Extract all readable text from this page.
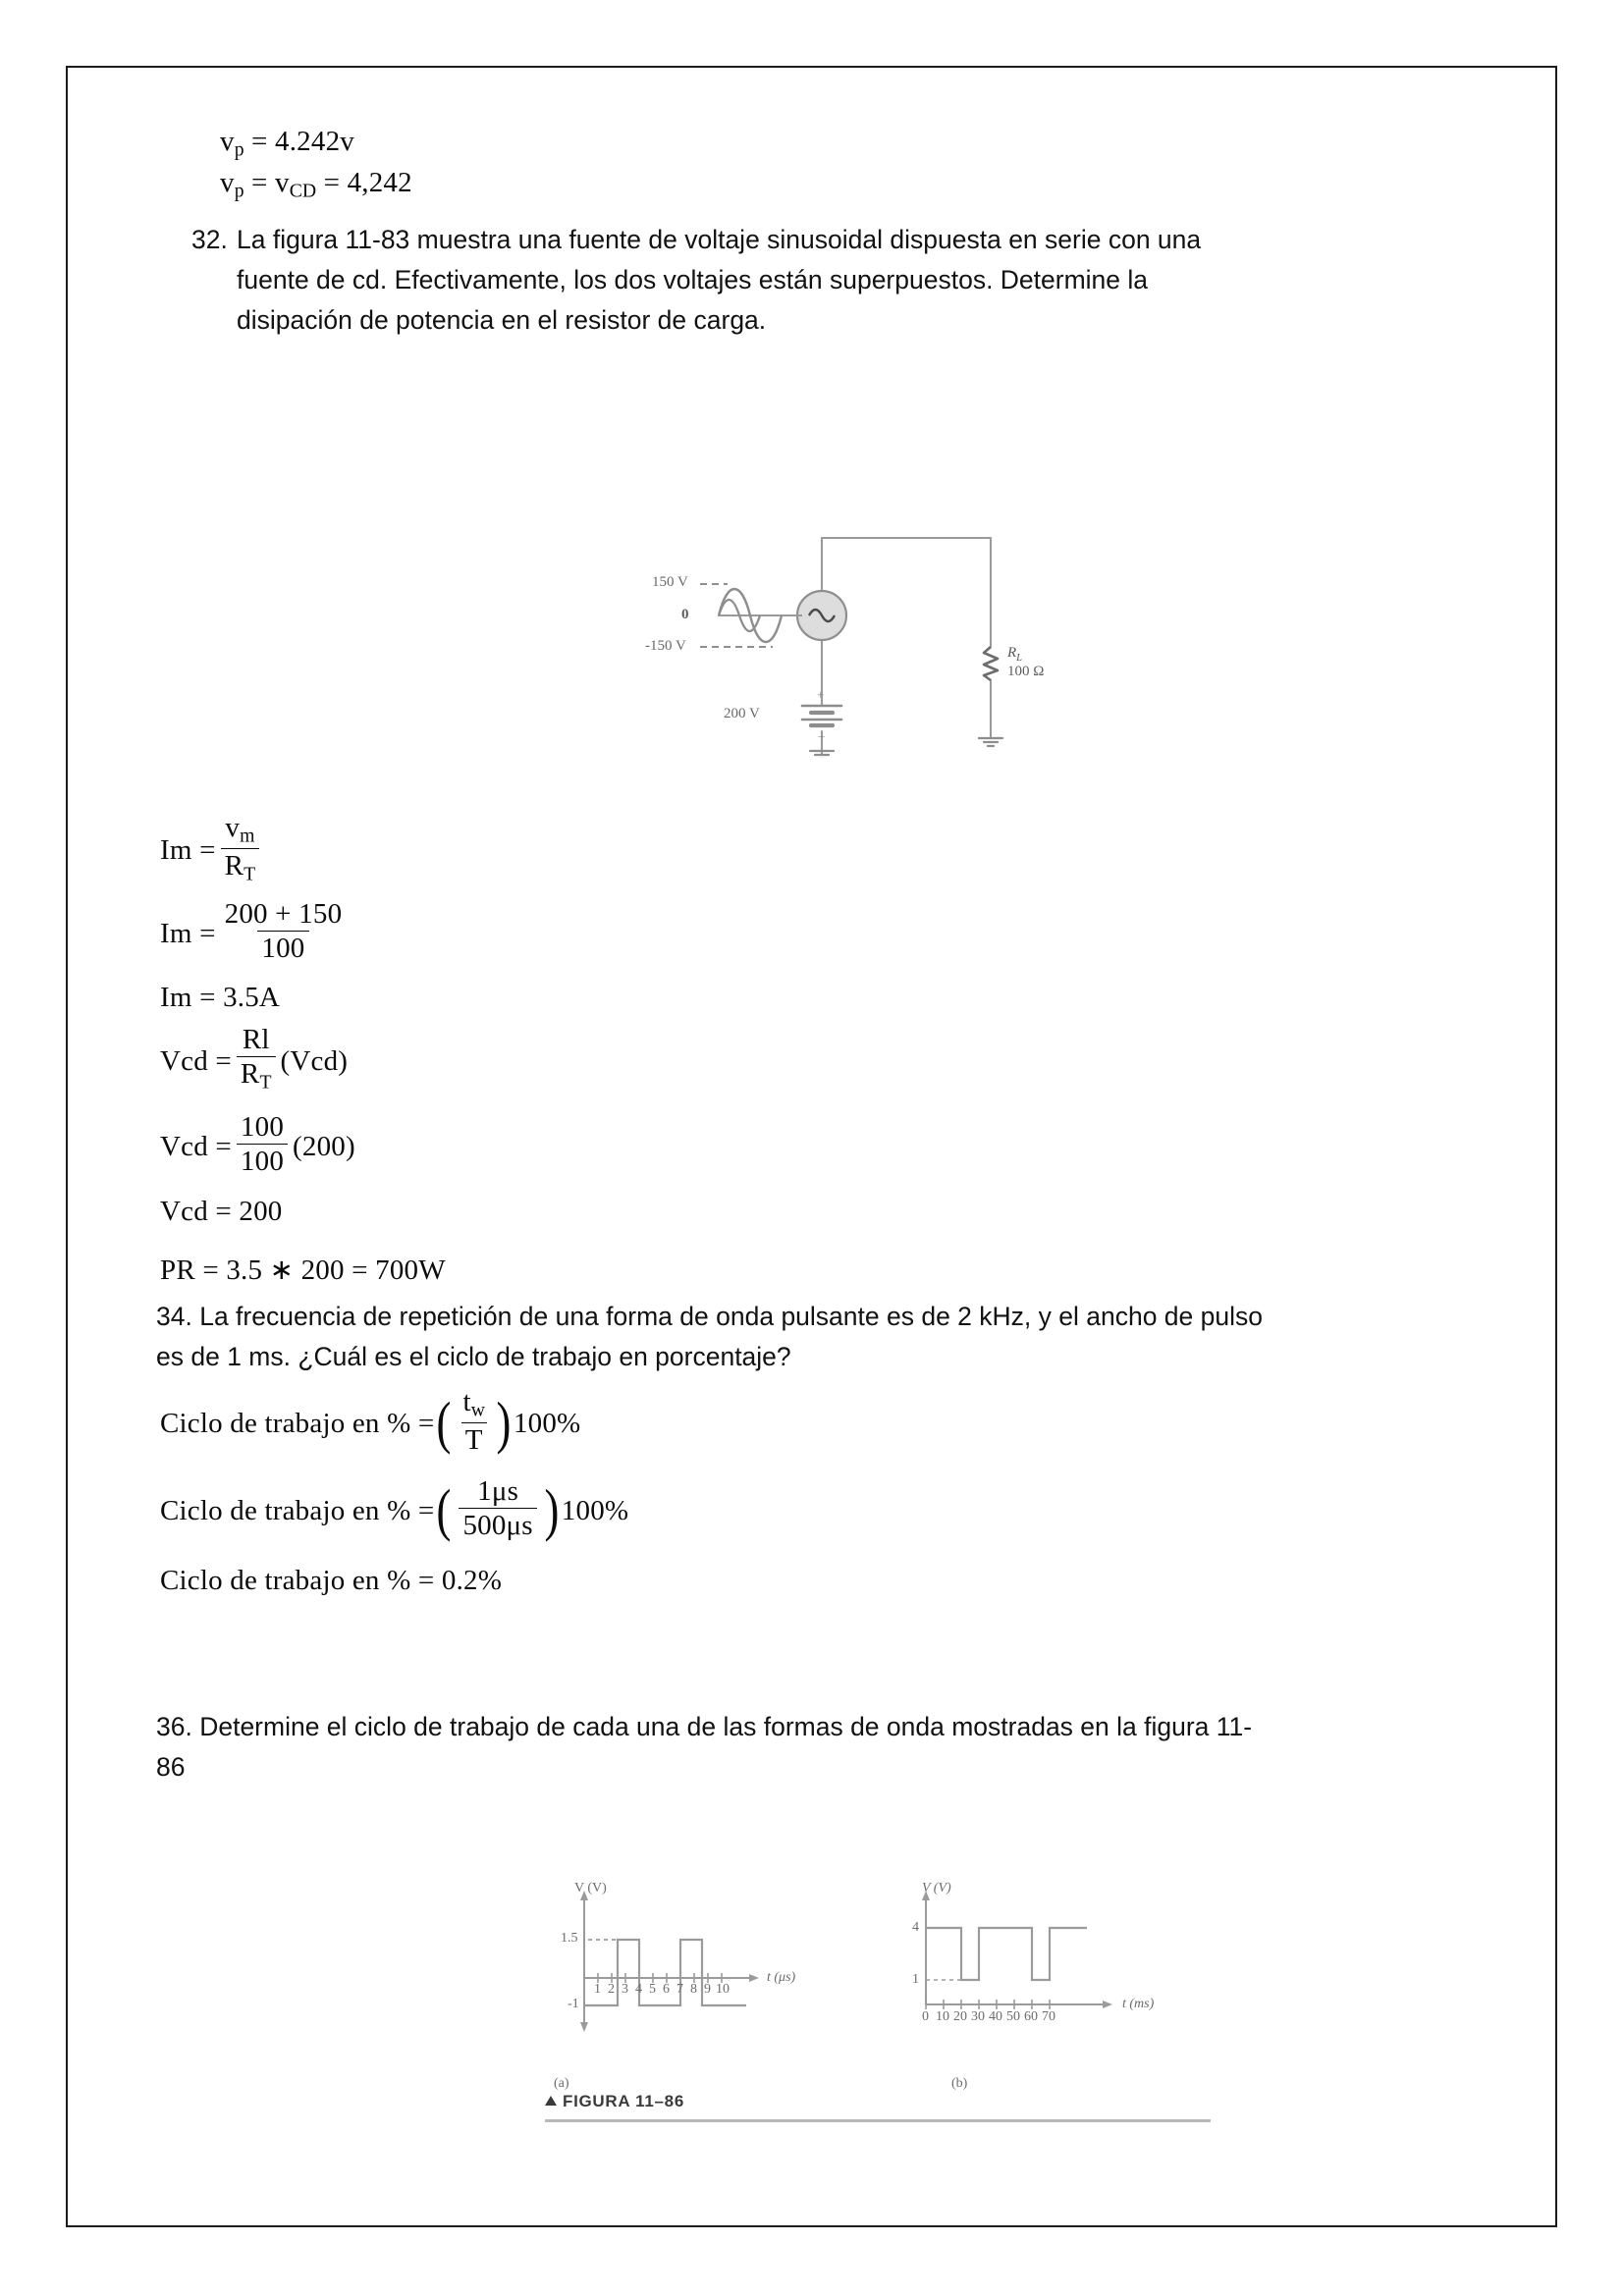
$v_p = 4.242v$
$v_p = v_{CD} = 4,242$
32. La figura 11-83 muestra una fuente de voltaje sinusoidal dispuesta en serie con una
fuente de cd. Efectivamente, los dos voltajes están superpuestos. Determine la
disipación de potencia en el resistor de carga.
150 V
0
-150 V
200 V
+
−
$R_L$
100 Ω
$Im = \frac{v_m}{R_T}$
$Im = \frac{200 + 150}{100}$
Im = 3.5A
Vcd = $\frac{Rl}{R_T} (Vcd)$
Vcd = $\frac{100}{100} (200)$
Vcd = 200
PR = 3.5 ∗ 200 = 700W
34. La frecuencia de repetición de una forma de onda pulsante es de 2 kHz, y el ancho de pulso
es de 1 ms. ¿Cuál es el ciclo de trabajo en porcentaje?
Ciclo de trabajo en % = ( $\frac{t_w}{T}$ ) 100%
Ciclo de trabajo en % = ( $\frac{1\mu s}{500\mu s}$ ) 100%
Ciclo de trabajo en % = 0.2%
36. Determine el ciclo de trabajo de cada una de las formas de onda mostradas en la figura 11-
86
V (V)
1.5
-1
1 2 3 4 5 6 7 8 9 10
t (μs)
V (V)
4
1
0 10 20 30 40 50 60 70
t (ms)
(a)	(b)
FIGURA 11–86
